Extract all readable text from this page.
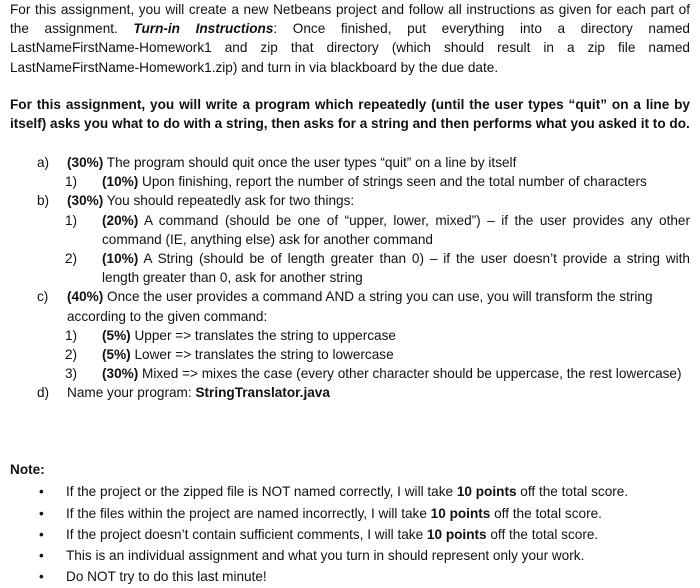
For this assignment, you will create a new Netbeans project and follow all instructions as given for each part of the assignment. Turn-in Instructions: Once finished, put everything into a directory named LastNameFirstName-Homework1 and zip that directory (which should result in a zip file named LastNameFirstName-Homework1.zip) and turn in via blackboard by the due date.
For this assignment, you will write a program which repeatedly (until the user types “quit” on a line by itself) asks you what to do with a string, then asks for a string and then performs what you asked it to do.
a) (30%) The program should quit once the user types “quit” on a line by itself
1) (10%) Upon finishing, report the number of strings seen and the total number of characters
b) (30%) You should repeatedly ask for two things:
1) (20%) A command (should be one of “upper, lower, mixed”) – if the user provides any other command (IE, anything else) ask for another command
2) (10%) A String (should be of length greater than 0) – if the user doesn’t provide a string with length greater than 0, ask for another string
c) (40%) Once the user provides a command AND a string you can use, you will transform the string according to the given command:
1) (5%) Upper => translates the string to uppercase
2) (5%) Lower => translates the string to lowercase
3) (30%) Mixed => mixes the case (every other character should be uppercase, the rest lowercase)
d) Name your program: StringTranslator.java
Note:
• If the project or the zipped file is NOT named correctly, I will take 10 points off the total score.
• If the files within the project are named incorrectly, I will take 10 points off the total score.
• If the project doesn’t contain sufficient comments, I will take 10 points off the total score.
• This is an individual assignment and what you turn in should represent only your work.
• Do NOT try to do this last minute!
